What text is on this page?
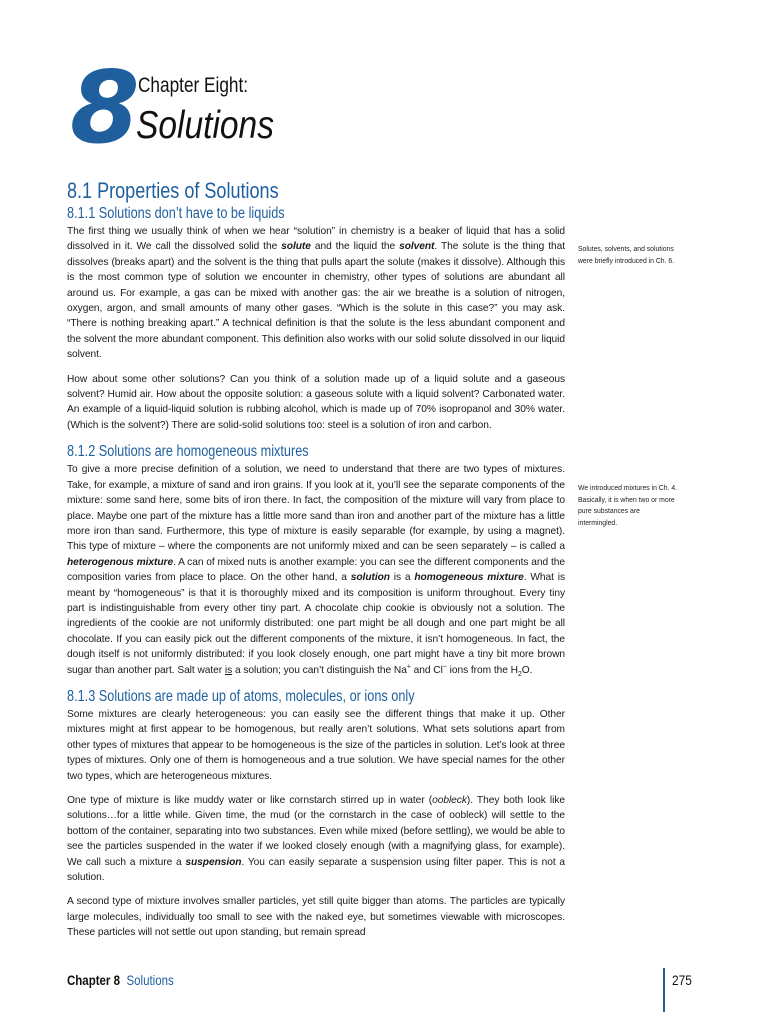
8 Chapter Eight:
Solutions
8.1 Properties of Solutions
8.1.1 Solutions don’t have to be liquids

The first thing we usually think of when we hear “solution” in chemistry is a beaker of liquid that has a solid dissolved in it. We call the dissolved solid the solute and the liquid the solvent. The solute is the thing that dissolves (breaks apart) and the solvent is the thing that pulls apart the solute (makes it dissolve). Although this is the most common type of solution we encounter in chemistry, other types of solutions are abundant all around us. For example, a gas can be mixed with another gas: the air we breathe is a solution of nitrogen, oxygen, argon, and small amounts of many other gases. “Which is the solute in this case?” you may ask. “There is nothing breaking apart.” A technical definition is that the solute is the less abundant component and the solvent the more abundant component. This definition also works with our solid solute dissolved in our liquid solvent.

How about some other solutions? Can you think of a solution made up of a liquid solute and a gaseous solvent? Humid air. How about the opposite solution: a gaseous solute with a liquid solvent? Carbonated water. An example of a liquid-liquid solution is rubbing alcohol, which is made up of 70% isopropanol and 30% water. (Which is the solvent?) There are solid-solid solutions too: steel is a solution of iron and carbon.

8.1.2 Solutions are homogeneous mixtures

To give a more precise definition of a solution, we need to understand that there are two types of mixtures. Take, for example, a mixture of sand and iron grains. If you look at it, you’ll see the separate components of the mixture: some sand here, some bits of iron there. In fact, the composition of the mixture will vary from place to place. Maybe one part of the mixture has a little more sand than iron and another part of the mixture has a little more iron than sand. Furthermore, this type of mixture is easily separable (for example, by using a magnet). This type of mixture – where the components are not uniformly mixed and can be seen separately – is called a heterogenous mixture. A can of mixed nuts is another example: you can see the different components and the composition varies from place to place. On the other hand, a solution is a homogeneous mixture. What is meant by “homogeneous” is that it is thoroughly mixed and its composition is uniform throughout. Every tiny part is indistinguishable from every other tiny part. A chocolate chip cookie is obviously not a solution. The ingredients of the cookie are not uniformly distributed: one part might be all dough and one part might be all chocolate. If you can easily pick out the different components of the mixture, it isn’t homogeneous. In fact, the dough itself is not uniformly distributed: if you look closely enough, one part might have a tiny bit more brown sugar than another part. Salt water is a solution; you can’t distinguish the Na+ and Cl− ions from the $H_2O$.

8.1.3 Solutions are made up of atoms, molecules, or ions only

Some mixtures are clearly heterogeneous: you can easily see the different things that make it up. Other mixtures might at first appear to be homogenous, but really aren’t solutions. What sets solutions apart from other types of mixtures that appear to be homogeneous is the size of the particles in solution. Let’s look at three types of mixtures. Only one of them is homogeneous and a true solution. We have special names for the other two types, which are heterogeneous mixtures.

One type of mixture is like muddy water or like cornstarch stirred up in water (oobleck). They both look like solutions…for a little while. Given time, the mud (or the cornstarch in the case of oobleck) will settle to the bottom of the container, separating into two substances. Even while mixed (before settling), we would be able to see the particles suspended in the water if we looked closely enough (with a magnifying glass, for example). We call such a mixture a suspension. You can easily separate a suspension using filter paper. This is not a solution.

A second type of mixture involves smaller particles, yet still quite bigger than atoms. The particles are typically large molecules, individually too small to see with the naked eye, but sometimes viewable with microscopes. These particles will not settle out upon standing, but remain spread

Solutes, solvents, and solutions were briefly introduced in Ch. 6.
We introduced mixtures in Ch. 4. Basically, it is when two or more pure substances are intermingled.
Chapter 8 Solutions	275
